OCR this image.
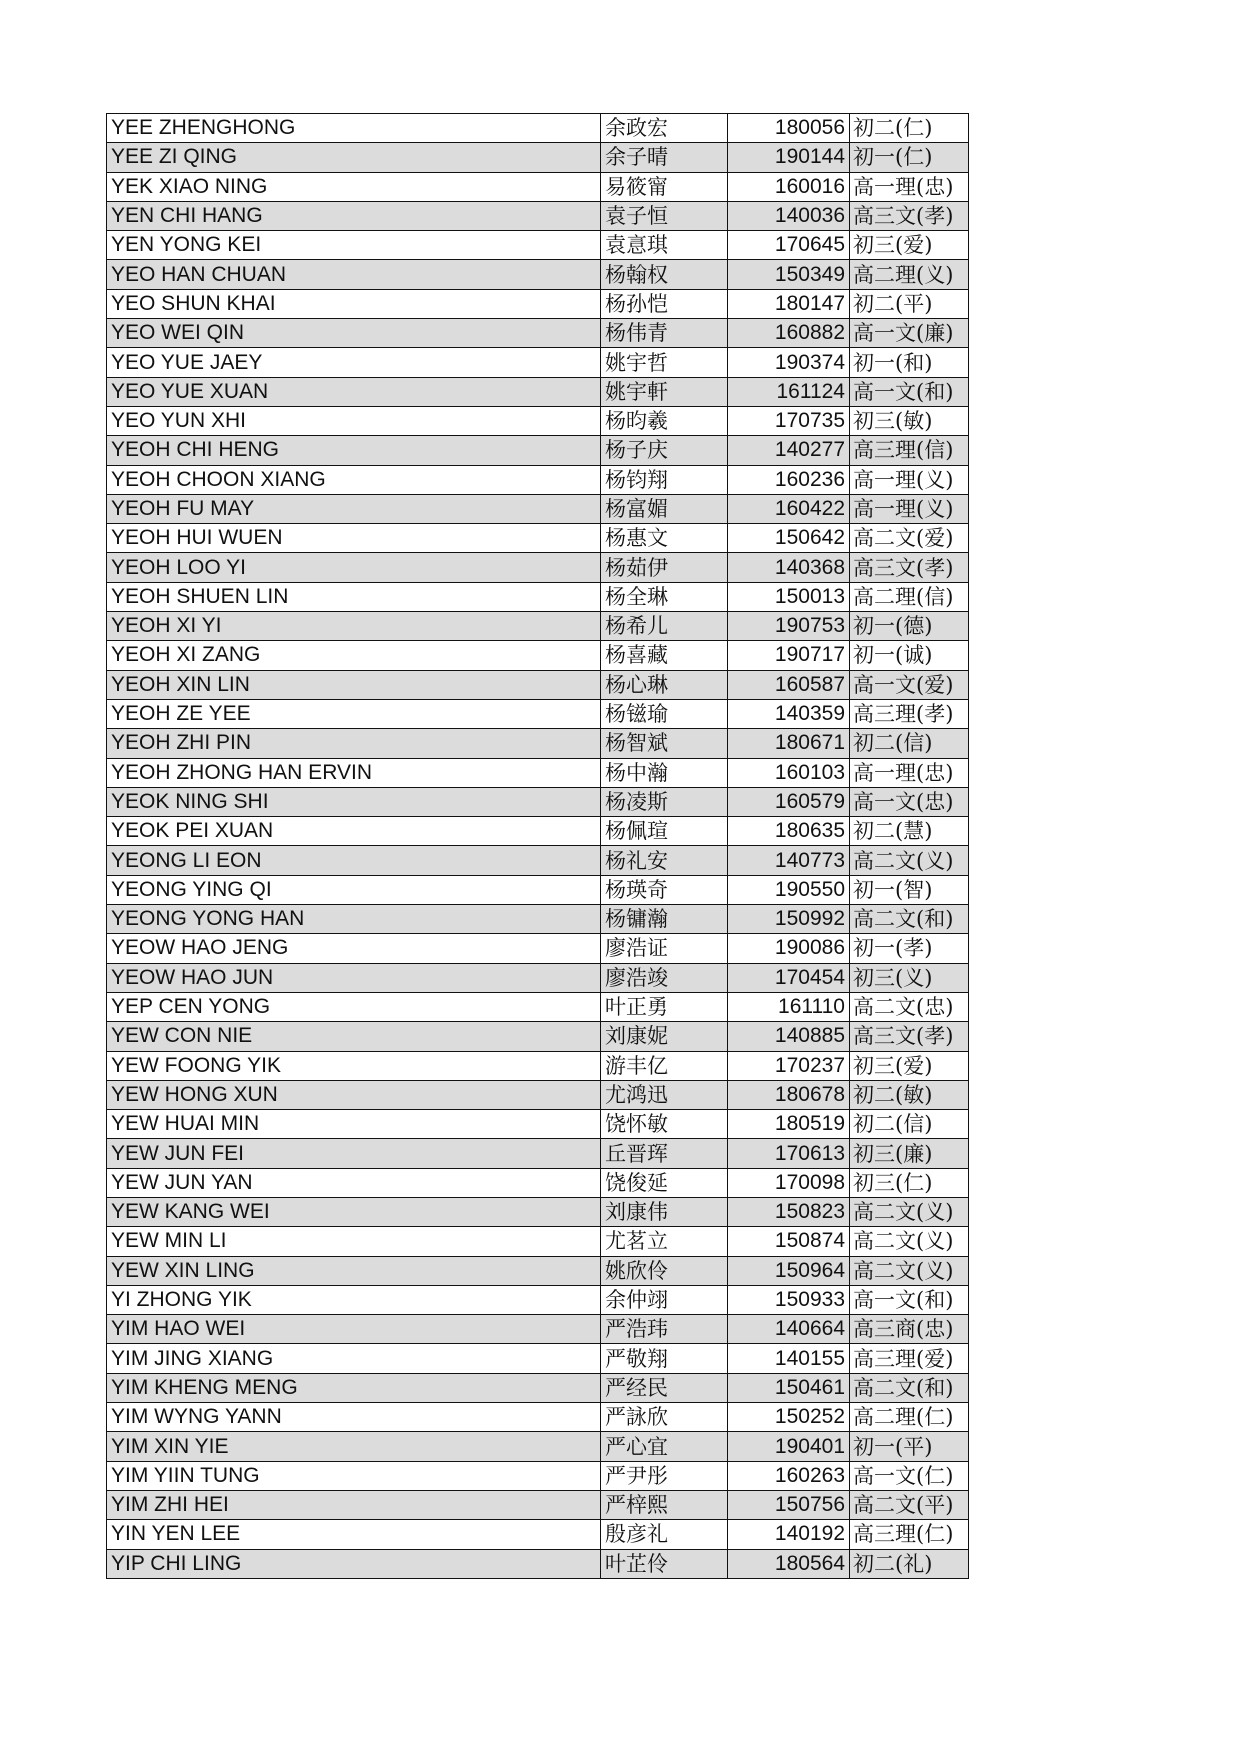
YEE ZHENGHONG	余政宏	180056	初二(仁)
YEE ZI QING	余子晴	190144	初一(仁)
YEK XIAO NING	易筱甯	160016	高一理(忠)
YEN CHI HANG	袁子恒	140036	高三文(孝)
YEN YONG KEI	袁悥琪	170645	初三(爱)
YEO HAN CHUAN	杨翰权	150349	高二理(义)
YEO SHUN KHAI	杨孙恺	180147	初二(平)
YEO WEI QIN	杨伟青	160882	高一文(廉)
YEO YUE JAEY	姚宇哲	190374	初一(和)
YEO YUE XUAN	姚宇軒	161124	高一文(和)
YEO YUN XHI	杨昀羲	170735	初三(敏)
YEOH CHI HENG	杨子庆	140277	高三理(信)
YEOH CHOON XIANG	杨钧翔	160236	高一理(义)
YEOH FU MAY	杨富媚	160422	高一理(义)
YEOH HUI WUEN	杨惠文	150642	高二文(爱)
YEOH LOO YI	杨茹伊	140368	高三文(孝)
YEOH SHUEN LIN	杨全琳	150013	高二理(信)
YEOH XI YI	杨希儿	190753	初一(德)
YEOH XI ZANG	杨喜藏	190717	初一(诚)
YEOH XIN LIN	杨心琳	160587	高一文(爱)
YEOH ZE YEE	杨镃瑜	140359	高三理(孝)
YEOH ZHI PIN	杨智斌	180671	初二(信)
YEOH ZHONG HAN ERVIN	杨中瀚	160103	高一理(忠)
YEOK NING SHI	杨凌斯	160579	高一文(忠)
YEOK PEI XUAN	杨佩瑄	180635	初二(慧)
YEONG LI EON	杨礼安	140773	高二文(义)
YEONG YING QI	杨瑛奇	190550	初一(智)
YEONG YONG HAN	杨镛瀚	150992	高二文(和)
YEOW HAO JENG	廖浩证	190086	初一(孝)
YEOW HAO JUN	廖浩竣	170454	初三(义)
YEP CEN YONG	叶正勇	161110	高二文(忠)
YEW CON NIE	刘康妮	140885	高三文(孝)
YEW FOONG YIK	游丰亿	170237	初三(爱)
YEW HONG XUN	尤鸿迅	180678	初二(敏)
YEW HUAI MIN	饶怀敏	180519	初二(信)
YEW JUN FEI	丘晋珲	170613	初三(廉)
YEW JUN YAN	饶俊延	170098	初三(仁)
YEW KANG WEI	刘康伟	150823	高二文(义)
YEW MIN LI	尤茗立	150874	高二文(义)
YEW XIN LING	姚欣伶	150964	高二文(义)
YI ZHONG YIK	余仲翊	150933	高一文(和)
YIM HAO WEI	严浩玮	140664	高三商(忠)
YIM JING XIANG	严敬翔	140155	高三理(爱)
YIM KHENG MENG	严经民	150461	高二文(和)
YIM WYNG YANN	严詠欣	150252	高二理(仁)
YIM XIN YIE	严心宜	190401	初一(平)
YIM YIIN TUNG	严尹彤	160263	高一文(仁)
YIM ZHI HEI	严梓熙	150756	高二文(平)
YIN YEN LEE	殷彦礼	140192	高三理(仁)
YIP CHI LING	叶芷伶	180564	初二(礼)
